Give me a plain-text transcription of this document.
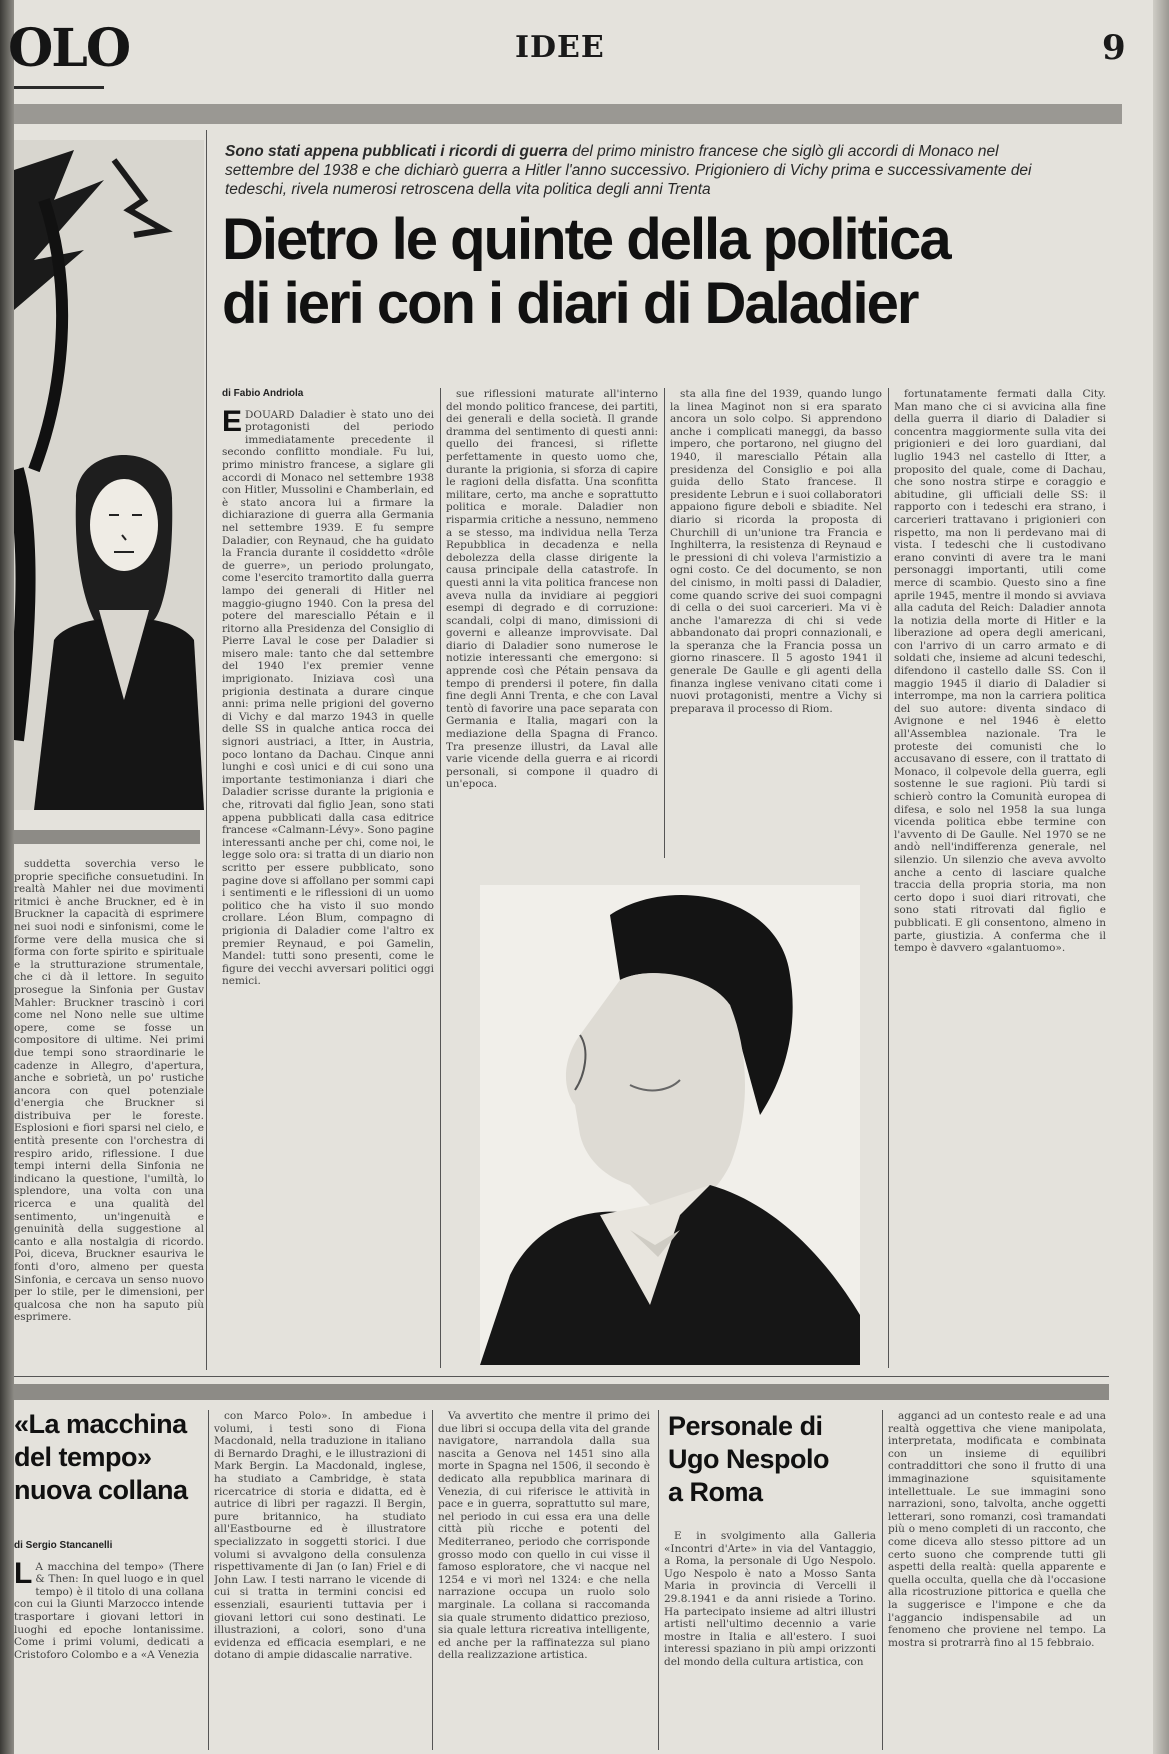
OLO	IDEE	9

suddetta soverchia verso le proprie specifiche consuetudini. In realtà Mahler nei due movimenti ritmici è anche Bruckner, ed è in Bruckner la capacità di esprimere nei suoi nodi e sinfonismi, come le forme vere della musica che si forma con forte spirito e spirituale e la strutturazione strumentale, che ci dà il lettore. In seguito prosegue la Sinfonia per Gustav Mahler: Bruckner trascinò i cori come nel Nono nelle sue ultime opere, come se fosse un compositore di ultime. Nei primi due tempi sono straordinarie le cadenze in Allegro, d'apertura, anche e sobrietà, un po' rustiche ancora con quel potenziale d'energia che Bruckner si distribuiva per le foreste. Esplosioni e fiori sparsi nel cielo, e entità presente con l'orchestra di respiro arido, riflessione. I due tempi interni della Sinfonia ne indicano la questione, l'umiltà, lo splendore, una volta con una ricerca e una qualità del sentimento, un'ingenuità e genuinità della suggestione al canto e alla nostalgia di ricordo. Poi, diceva, Bruckner esauriva le fonti d'oro, almeno per questa Sinfonia, e cercava un senso nuovo per lo stile, per le dimensioni, per qualcosa che non ha saputo più esprimere.

Sono stati appena pubblicati i ricordi di guerra del primo ministro francese che siglò gli accordi di Monaco nel settembre del 1938 e che dichiarò guerra a Hitler l'anno successivo. Prigioniero di Vichy prima e successivamente dei tedeschi, rivela numerosi retroscena della vita politica degli anni Trenta
Dietro le quinte della politica
di ieri con i diari di Daladier
di Fabio Andriola
E DOUARD Daladier è stato uno dei protagonisti del periodo immediatamente precedente il secondo conflitto mondiale. Fu lui, primo ministro francese, a siglare gli accordi di Monaco nel settembre 1938 con Hitler, Mussolini e Chamberlain, ed è stato ancora lui a firmare la dichiarazione di guerra alla Germania nel settembre 1939. E fu sempre Daladier, con Reynaud, che ha guidato la Francia durante il cosiddetto «drôle de guerre», un periodo prolungato, come l'esercito tramortito dalla guerra lampo dei generali di Hitler nel maggio-giugno 1940. Con la presa del potere del maresciallo Pétain e il ritorno alla Presidenza del Consiglio di Pierre Laval le cose per Daladier si misero male: tanto che dal settembre del 1940 l'ex premier venne imprigionato. Iniziava così una prigionia destinata a durare cinque anni: prima nelle prigioni del governo di Vichy e dal marzo 1943 in quelle delle SS in qualche antica rocca dei signori austriaci, a Itter, in Austria, poco lontano da Dachau. Cinque anni lunghi e così unici e di cui sono una importante testimonianza i diari che Daladier scrisse durante la prigionia e che, ritrovati dal figlio Jean, sono stati appena pubblicati dalla casa editrice francese «Calmann-Lévy». Sono pagine interessanti anche per chi, come noi, le legge solo ora: si tratta di un diario non scritto per essere pubblicato, sono pagine dove si affollano per sommi capi i sentimenti e le riflessioni di un uomo politico che ha visto il suo mondo crollare. Léon Blum, compagno di prigionia di Daladier come l'altro ex premier Reynaud, e poi Gamelin, Mandel: tutti sono presenti, come le figure dei vecchi avversari politici oggi nemici.

sue riflessioni maturate all'interno del mondo politico francese, dei partiti, dei generali e della società. Il grande dramma del sentimento di questi anni: quello dei francesi, si riflette perfettamente in questo uomo che, durante la prigionia, si sforza di capire le ragioni della disfatta. Una sconfitta militare, certo, ma anche e soprattutto politica e morale. Daladier non risparmia critiche a nessuno, nemmeno a se stesso, ma individua nella Terza Repubblica in decadenza e nella debolezza della classe dirigente la causa principale della catastrofe. In questi anni la vita politica francese non aveva nulla da invidiare ai peggiori esempi di degrado e di corruzione: scandali, colpi di mano, dimissioni di governi e alleanze improvvisate. Dal diario di Daladier sono numerose le notizie interessanti che emergono: si apprende così che Pétain pensava da tempo di prendersi il potere, fin dalla fine degli Anni Trenta, e che con Laval tentò di favorire una pace separata con Germania e Italia, magari con la mediazione della Spagna di Franco. Tra presenze illustri, da Laval alle varie vicende della guerra e ai ricordi personali, si compone il quadro di un'epoca.

sta alla fine del 1939, quando lungo la linea Maginot non si era sparato ancora un solo colpo. Si apprendono anche i complicati maneggi, da basso impero, che portarono, nel giugno del 1940, il maresciallo Pétain alla presidenza del Consiglio e poi alla guida dello Stato francese. Il presidente Lebrun e i suoi collaboratori appaiono figure deboli e sbiadite. Nel diario si ricorda la proposta di Churchill di un'unione tra Francia e Inghilterra, la resistenza di Reynaud e le pressioni di chi voleva l'armistizio a ogni costo. Ce del documento, se non del cinismo, in molti passi di Daladier, come quando scrive dei suoi compagni di cella o dei suoi carcerieri. Ma vi è anche l'amarezza di chi si vede abbandonato dai propri connazionali, e la speranza che la Francia possa un giorno rinascere. Il 5 agosto 1941 il generale De Gaulle e gli agenti della finanza inglese venivano citati come i nuovi protagonisti, mentre a Vichy si preparava il processo di Riom.

fortunatamente fermati dalla City. Man mano che ci si avvicina alla fine della guerra il diario di Daladier si concentra maggiormente sulla vita dei prigionieri e dei loro guardiani, dal luglio 1943 nel castello di Itter, a proposito del quale, come di Dachau, che sono nostra stirpe e coraggio e abitudine, gli ufficiali delle SS: il rapporto con i tedeschi era strano, i carcerieri trattavano i prigionieri con rispetto, ma non li perdevano mai di vista. I tedeschi che li custodivano erano convinti di avere tra le mani personaggi importanti, utili come merce di scambio. Questo sino a fine aprile 1945, mentre il mondo si avviava alla caduta del Reich: Daladier annota la notizia della morte di Hitler e la liberazione ad opera degli americani, con l'arrivo di un carro armato e di soldati che, insieme ad alcuni tedeschi, difendono il castello dalle SS. Con il maggio 1945 il diario di Daladier si interrompe, ma non la carriera politica del suo autore: diventa sindaco di Avignone e nel 1946 è eletto all'Assemblea nazionale. Tra le proteste dei comunisti che lo accusavano di essere, con il trattato di Monaco, il colpevole della guerra, egli sostenne le sue ragioni. Più tardi si schierò contro la Comunità europea di difesa, e solo nel 1958 la sua lunga vicenda politica ebbe termine con l'avvento di De Gaulle. Nel 1970 se ne andò nell'indifferenza generale, nel silenzio. Un silenzio che aveva avvolto anche a cento di lasciare qualche traccia della propria storia, ma non certo dopo i suoi diari ritrovati, che sono stati ritrovati dal figlio e pubblicati. E gli consentono, almeno in parte, giustizia. A conferma che il tempo è davvero «galantuomo».

«La macchina
del tempo»
nuova collana
di Sergio Stancanelli
L A macchina del tempo» (There & Then: In quel luogo e in quel tempo) è il titolo di una collana con cui la Giunti Marzocco intende trasportare i giovani lettori in luoghi ed epoche lontanissime. Come i primi volumi, dedicati a Cristoforo Colombo e a «A Venezia

con Marco Polo». In ambedue i volumi, i testi sono di Fiona Macdonald, nella traduzione in italiano di Bernardo Draghi, e le illustrazioni di Mark Bergin. La Macdonald, inglese, ha studiato a Cambridge, è stata ricercatrice di storia e didatta, ed è autrice di libri per ragazzi. Il Bergin, pure britannico, ha studiato all'Eastbourne ed è illustratore specializzato in soggetti storici. I due volumi si avvalgono della consulenza rispettivamente di Jan (o Ian) Friel e di John Law. I testi narrano le vicende di cui si tratta in termini concisi ed essenziali, esaurienti tuttavia per i giovani lettori cui sono destinati. Le illustrazioni, a colori, sono d'una evidenza ed efficacia esemplari, e ne dotano di ampie didascalie narrative.

Va avvertito che mentre il primo dei due libri si occupa della vita del grande navigatore, narrandola dalla sua nascita a Genova nel 1451 sino alla morte in Spagna nel 1506, il secondo è dedicato alla repubblica marinara di Venezia, di cui riferisce le attività in pace e in guerra, soprattutto sul mare, nel periodo in cui essa era una delle città più ricche e potenti del Mediterraneo, periodo che corrisponde grosso modo con quello in cui visse il famoso esploratore, che vi nacque nel 1254 e vi morì nel 1324: e che nella narrazione occupa un ruolo solo marginale. La collana si raccomanda sia quale strumento didattico prezioso, sia quale lettura ricreativa intelligente, ed anche per la raffinatezza sul piano della realizzazione artistica.

Personale di
Ugo Nespolo
a Roma

E in svolgimento alla Galleria «Incontri d'Arte» in via del Vantaggio, a Roma, la personale di Ugo Nespolo. Ugo Nespolo è nato a Mosso Santa Maria in provincia di Vercelli il 29.8.1941 e da anni risiede a Torino. Ha partecipato insieme ad altri illustri artisti nell'ultimo decennio a varie mostre in Italia e all'estero. I suoi interessi spaziano in più ampi orizzonti del mondo della cultura artistica, con

agganci ad un contesto reale e ad una realtà oggettiva che viene manipolata, interpretata, modificata e combinata con un insieme di equilibri contraddittori che sono il frutto di una immaginazione squisitamente intellettuale. Le sue immagini sono narrazioni, sono, talvolta, anche oggetti letterari, sono romanzi, così tramandati più o meno completi di un racconto, che come diceva allo stesso pittore ad un certo suono che comprende tutti gli aspetti della realtà: quella apparente e quella occulta, quella che dà l'occasione alla ricostruzione pittorica e quella che la suggerisce e l'impone e che da l'aggancio indispensabile ad un fenomeno che proviene nel tempo. La mostra si protrarrà fino al 15 febbraio.
